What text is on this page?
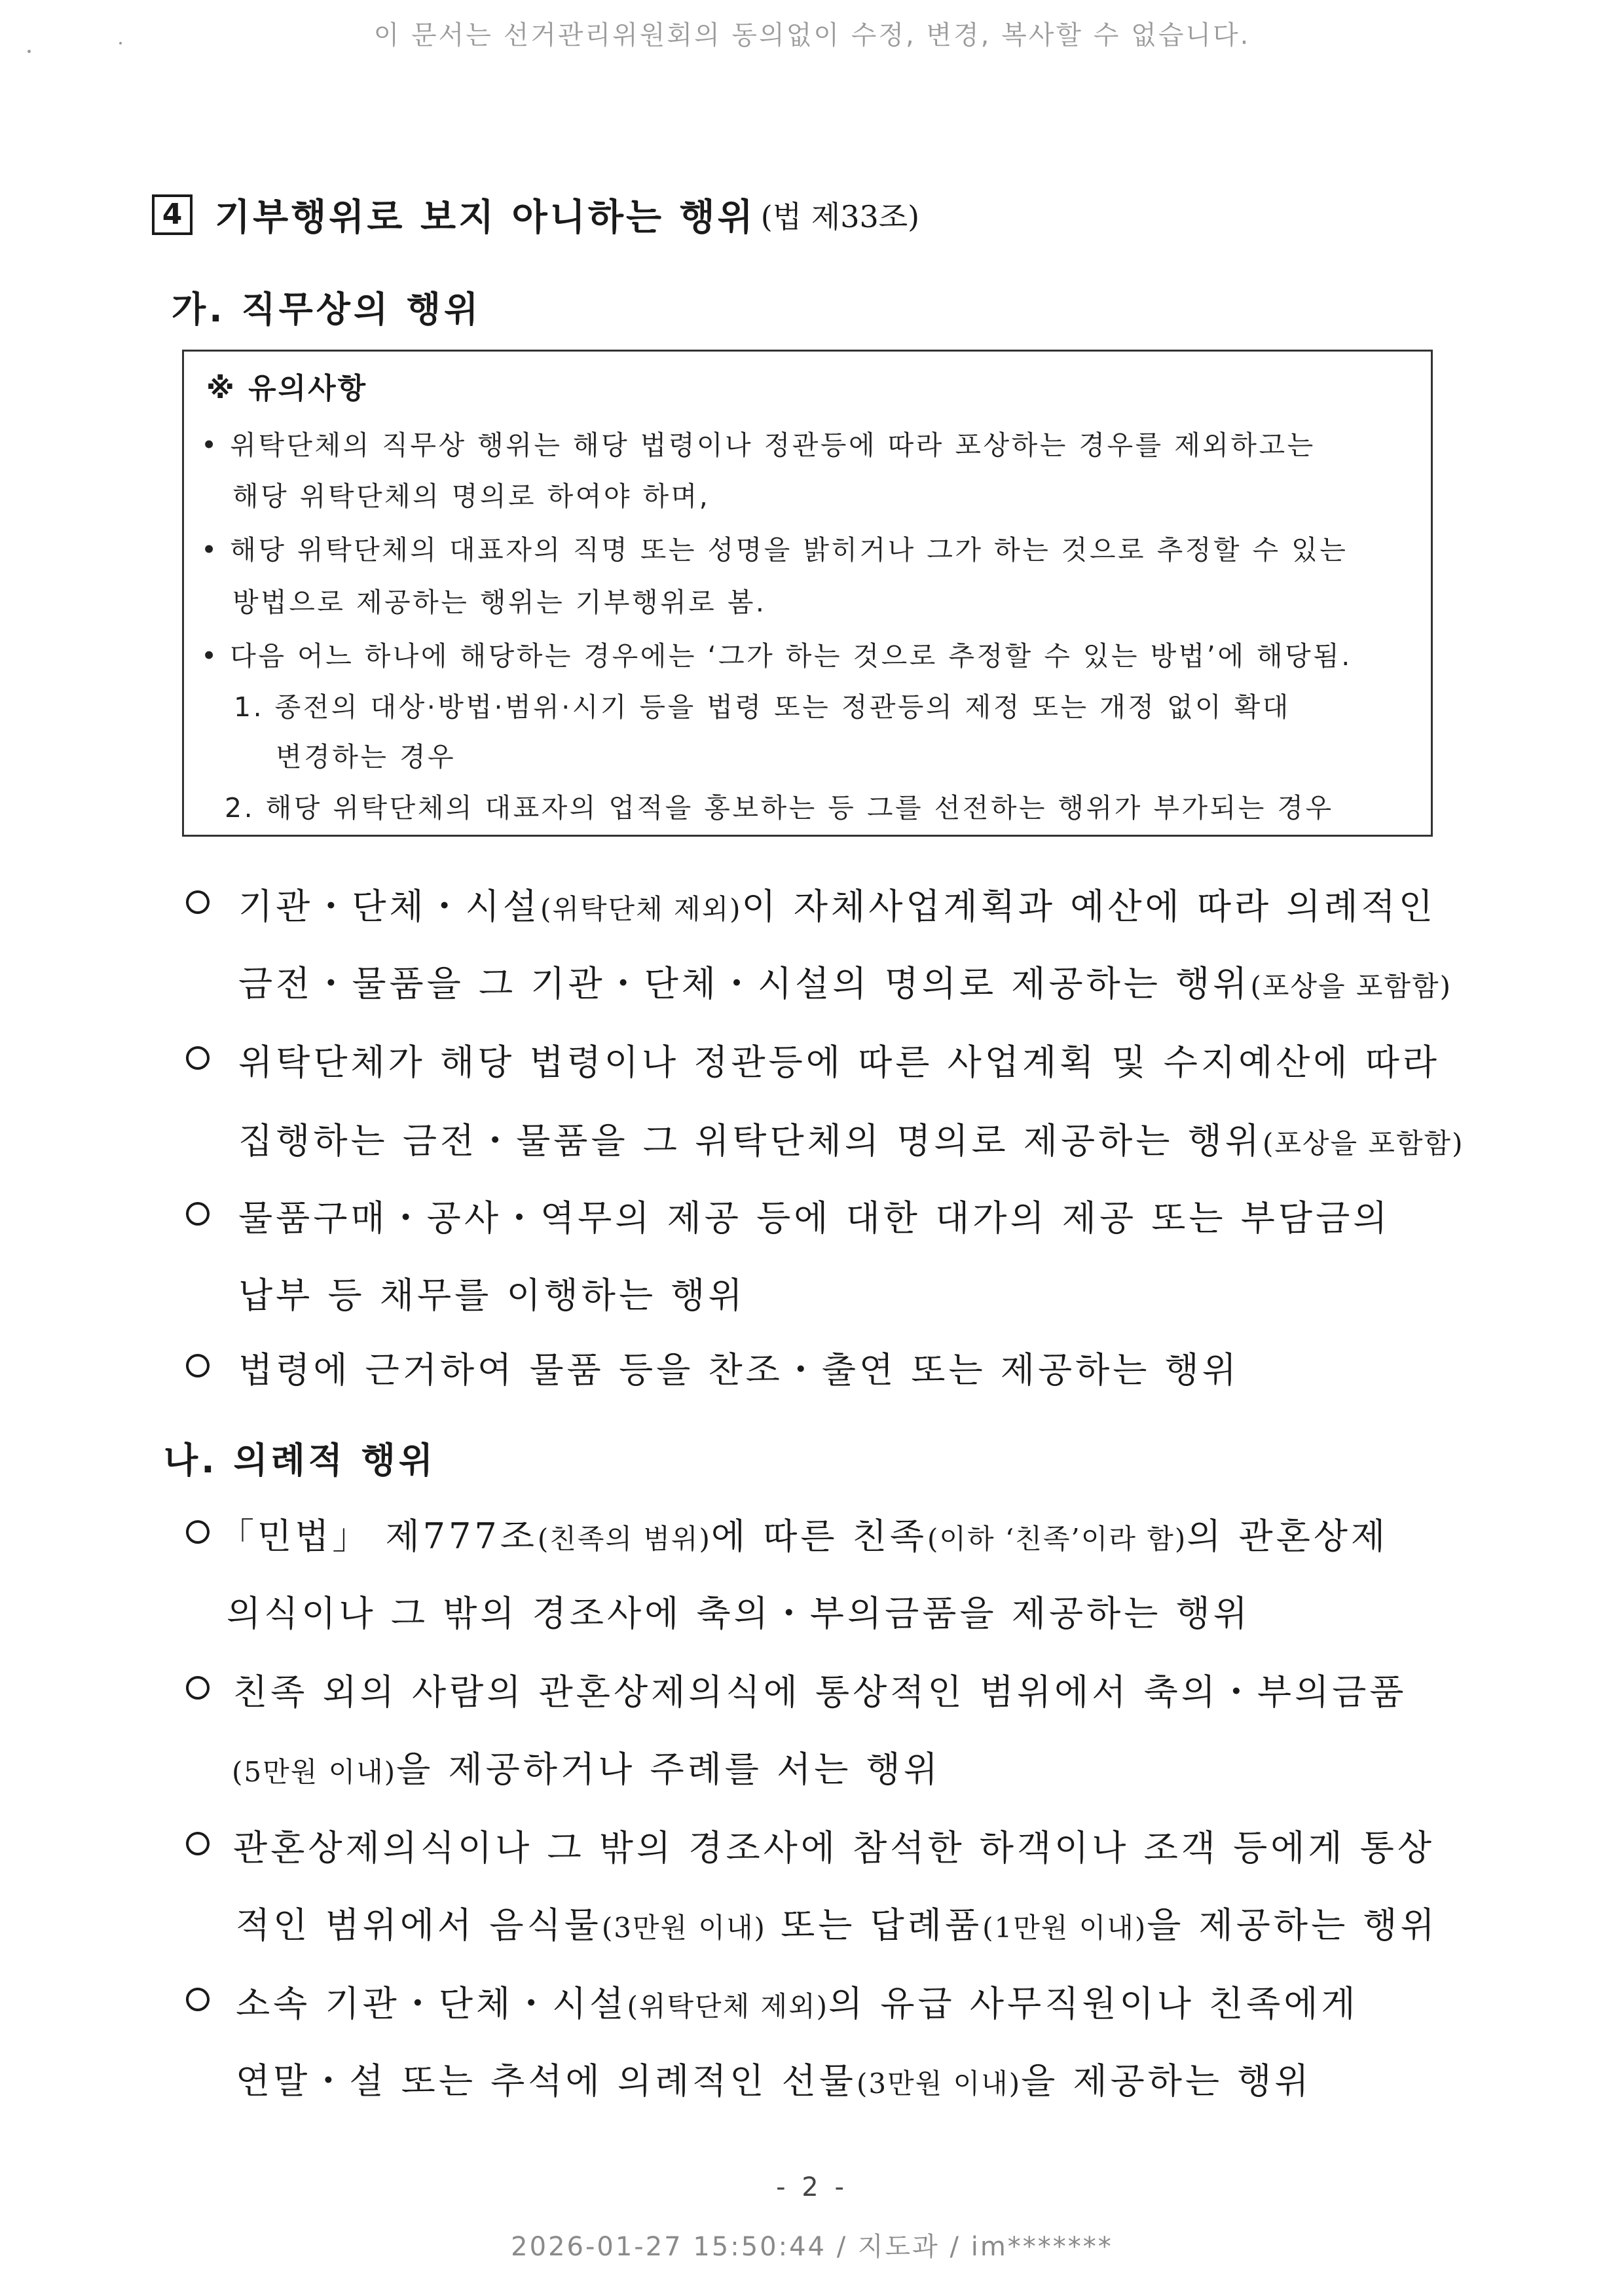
이 문서는 선거관리위원회의 동의없이 수정, 변경, 복사할 수 없습니다.
4 기부행위로 보지 아니하는 행위 (법 제33조)
가. 직무상의 행위
※ 유의사항
• 위탁단체의 직무상 행위는 해당 법령이나 정관등에 따라 포상하는 경우를 제외하고는
해당 위탁단체의 명의로 하여야 하며,
• 해당 위탁단체의 대표자의 직명 또는 성명을 밝히거나 그가 하는 것으로 추정할 수 있는
방법으로 제공하는 행위는 기부행위로 봄.
• 다음 어느 하나에 해당하는 경우에는 ‘그가 하는 것으로 추정할 수 있는 방법’에 해당됨.
1. 종전의 대상·방법·범위·시기 등을 법령 또는 정관등의 제정 또는 개정 없이 확대
변경하는 경우
2. 해당 위탁단체의 대표자의 업적을 홍보하는 등 그를 선전하는 행위가 부가되는 경우
기관・단체・시설(위탁단체 제외)이 자체사업계획과 예산에 따라 의례적인
금전・물품을 그 기관・단체・시설의 명의로 제공하는 행위(포상을 포함함)
위탁단체가 해당 법령이나 정관등에 따른 사업계획 및 수지예산에 따라
집행하는 금전・물품을 그 위탁단체의 명의로 제공하는 행위(포상을 포함함)
물품구매・공사・역무의 제공 등에 대한 대가의 제공 또는 부담금의
납부 등 채무를 이행하는 행위
법령에 근거하여 물품 등을 찬조・출연 또는 제공하는 행위
나. 의례적 행위
「민법」 제777조(친족의 범위)에 따른 친족(이하 ‘친족’이라 함)의 관혼상제
의식이나 그 밖의 경조사에 축의・부의금품을 제공하는 행위
친족 외의 사람의 관혼상제의식에 통상적인 범위에서 축의・부의금품
(5만원 이내)을 제공하거나 주례를 서는 행위
관혼상제의식이나 그 밖의 경조사에 참석한 하객이나 조객 등에게 통상
적인 범위에서 음식물(3만원 이내) 또는 답례품(1만원 이내)을 제공하는 행위
소속 기관・단체・시설(위탁단체 제외)의 유급 사무직원이나 친족에게
연말・설 또는 추석에 의례적인 선물(3만원 이내)을 제공하는 행위
- 2 -
2026-01-27 15:50:44 / 지도과 / im*******
